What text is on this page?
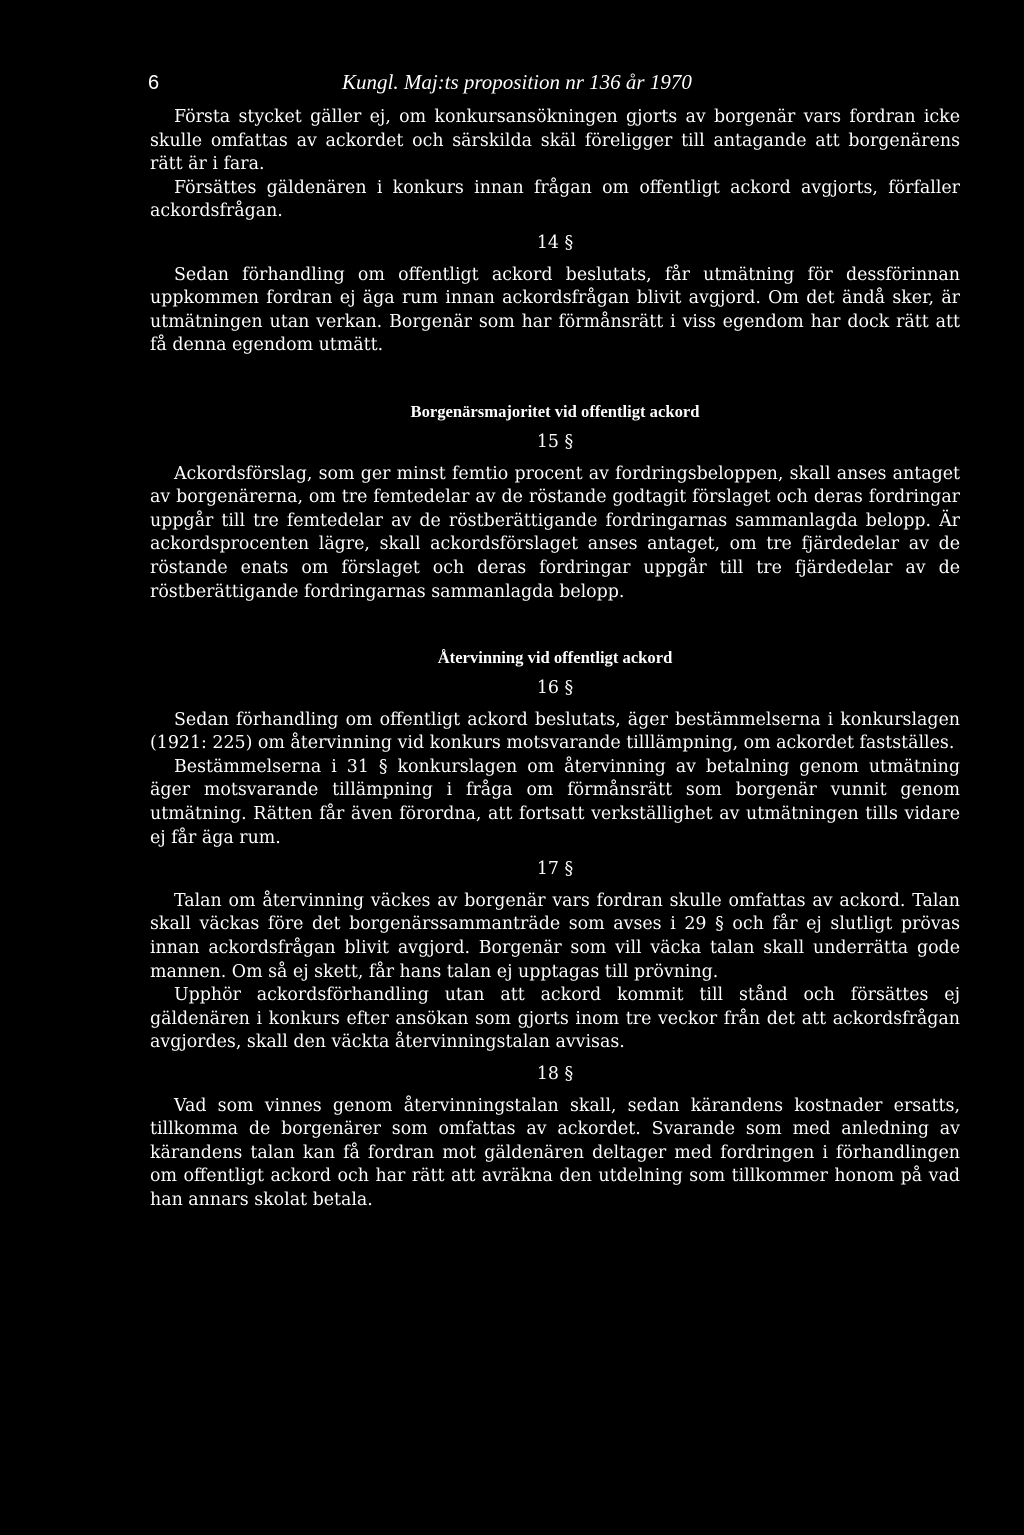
6	Kungl. Maj:ts proposition nr 136 år 1970

Första stycket gäller ej, om konkursansökningen gjorts av borgenär vars fordran icke skulle omfattas av ackordet och särskilda skäl föreligger till antagande att borgenärens rätt är i fara.

Försättes gäldenären i konkurs innan frågan om offentligt ackord avgjorts, förfaller ackordsfrågan.

14 §

Sedan förhandling om offentligt ackord beslutats, får utmätning för dessförinnan uppkommen fordran ej äga rum innan ackordsfrågan blivit avgjord. Om det ändå sker, är utmätningen utan verkan. Borgenär som har förmånsrätt i viss egendom har dock rätt att få denna egendom utmätt.

Borgenärsmajoritet vid offentligt ackord
15 §

Ackordsförslag, som ger minst femtio procent av fordringsbeloppen, skall anses antaget av borgenärerna, om tre femtedelar av de röstande godtagit förslaget och deras fordringar uppgår till tre femtedelar av de röstberättigande fordringarnas sammanlagda belopp. Är ackordsprocenten lägre, skall ackordsförslaget anses antaget, om tre fjärdedelar av de röstande enats om förslaget och deras fordringar uppgår till tre fjärdedelar av de röstberättigande fordringarnas sammanlagda belopp.

Återvinning vid offentligt ackord
16 §

Sedan förhandling om offentligt ackord beslutats, äger bestämmelserna i konkurslagen (1921: 225) om återvinning vid konkurs motsvarande tilllämpning, om ackordet fastställes.

Bestämmelserna i 31 § konkurslagen om återvinning av betalning genom utmätning äger motsvarande tillämpning i fråga om förmånsrätt som borgenär vunnit genom utmätning. Rätten får även förordna, att fortsatt verkställighet av utmätningen tills vidare ej får äga rum.

17 §

Talan om återvinning väckes av borgenär vars fordran skulle omfattas av ackord. Talan skall väckas före det borgenärssammanträde som avses i 29 § och får ej slutligt prövas innan ackordsfrågan blivit avgjord. Borgenär som vill väcka talan skall underrätta gode mannen. Om så ej skett, får hans talan ej upptagas till prövning.

Upphör ackordsförhandling utan att ackord kommit till stånd och försättes ej gäldenären i konkurs efter ansökan som gjorts inom tre veckor från det att ackordsfrågan avgjordes, skall den väckta återvinningstalan avvisas.

18 §

Vad som vinnes genom återvinningstalan skall, sedan kärandens kostnader ersatts, tillkomma de borgenärer som omfattas av ackordet. Svarande som med anledning av kärandens talan kan få fordran mot gäldenären deltager med fordringen i förhandlingen om offentligt ackord och har rätt att avräkna den utdelning som tillkommer honom på vad han annars skolat betala.
